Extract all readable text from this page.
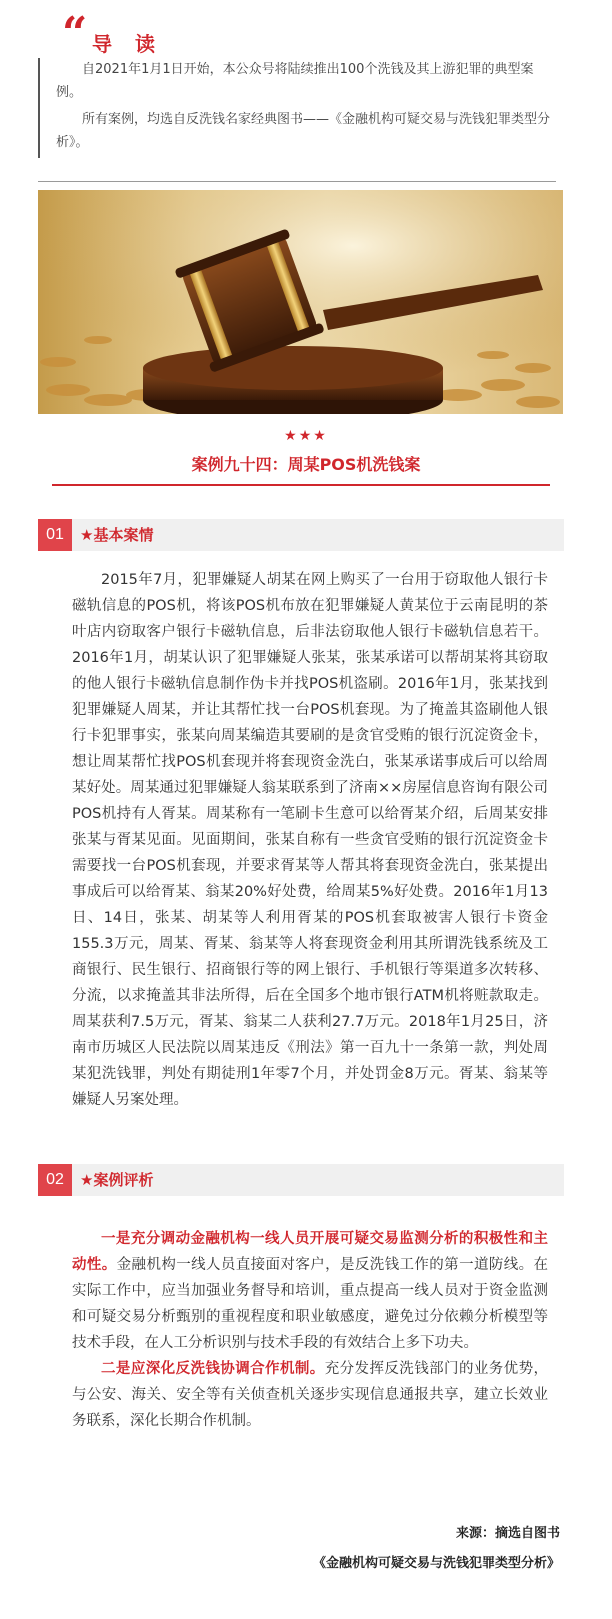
“ 导 读

自2021年1月1日开始，本公众号将陆续推出100个洗钱及其上游犯罪的典型案例。

所有案例，均选自反洗钱名家经典图书——《金融机构可疑交易与洗钱犯罪类型分析》。

★★★
案例九十四：周某POS机洗钱案
01	★基本案情

2015年7月，犯罪嫌疑人胡某在网上购买了一台用于窃取他人银行卡磁轨信息的POS机，将该POS机布放在犯罪嫌疑人黄某位于云南昆明的茶叶店内窃取客户银行卡磁轨信息，后非法窃取他人银行卡磁轨信息若干。2016年1月，胡某认识了犯罪嫌疑人张某，张某承诺可以帮胡某将其窃取的他人银行卡磁轨信息制作伪卡并找POS机盗刷。2016年1月，张某找到犯罪嫌疑人周某，并让其帮忙找一台POS机套现。为了掩盖其盗刷他人银行卡犯罪事实，张某向周某编造其要刷的是贪官受贿的银行沉淀资金卡，想让周某帮忙找POS机套现并将套现资金洗白，张某承诺事成后可以给周某好处。周某通过犯罪嫌疑人翁某联系到了济南××房屋信息咨询有限公司POS机持有人胥某。周某称有一笔刷卡生意可以给胥某介绍，后周某安排张某与胥某见面。见面期间，张某自称有一些贪官受贿的银行沉淀资金卡需要找一台POS机套现，并要求胥某等人帮其将套现资金洗白，张某提出事成后可以给胥某、翁某20%好处费，给周某5%好处费。2016年1月13日、14日，张某、胡某等人利用胥某的POS机套取被害人银行卡资金155.3万元，周某、胥某、翁某等人将套现资金利用其所谓洗钱系统及工商银行、民生银行、招商银行等的网上银行、手机银行等渠道多次转移、分流，以求掩盖其非法所得，后在全国多个地市银行ATM机将赃款取走。周某获利7.5万元，胥某、翁某二人获利27.7万元。2018年1月25日，济南市历城区人民法院以周某违反《刑法》第一百九十一条第一款，判处周某犯洗钱罪，判处有期徒刑1年零7个月，并处罚金8万元。胥某、翁某等嫌疑人另案处理。

02	★案例评析

一是充分调动金融机构一线人员开展可疑交易监测分析的积极性和主动性。金融机构一线人员直接面对客户，是反洗钱工作的第一道防线。在实际工作中，应当加强业务督导和培训，重点提高一线人员对于资金监测和可疑交易分析甄别的重视程度和职业敏感度，避免过分依赖分析模型等技术手段，在人工分析识别与技术手段的有效结合上多下功夫。

二是应深化反洗钱协调合作机制。充分发挥反洗钱部门的业务优势，与公安、海关、安全等有关侦查机关逐步实现信息通报共享，建立长效业务联系，深化长期合作机制。

来源：摘选自图书
《金融机构可疑交易与洗钱犯罪类型分析》
